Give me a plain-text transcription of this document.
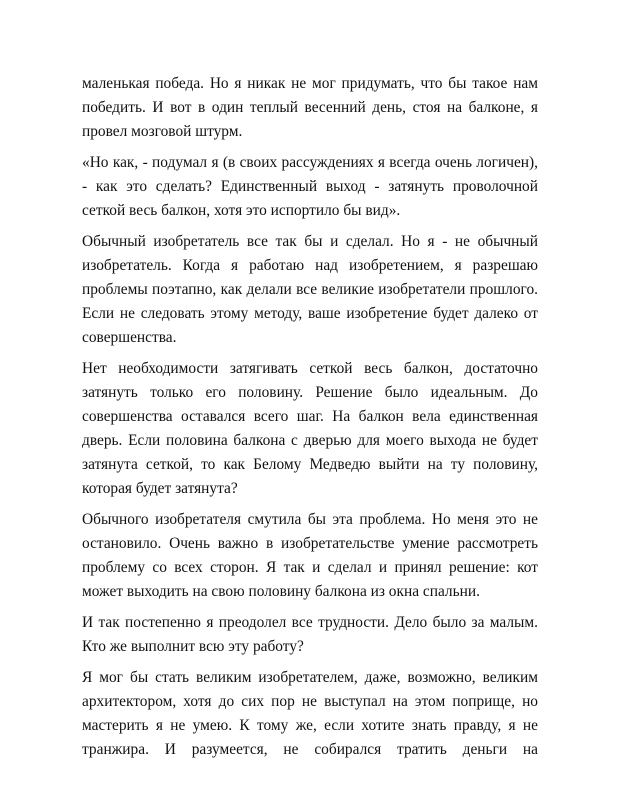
маленькая победа. Но я никак не мог придумать, что бы такое нам победить. И вот в один теплый весенний день, стоя на балконе, я провел мозговой штурм.

«Но как, - подумал я (в своих рассуждениях я всегда очень логичен), - как это сделать? Единственный выход - затянуть проволочной сеткой весь балкон, хотя это испортило бы вид».

Обычный изобретатель все так бы и сделал. Но я - не обычный изобретатель. Когда я работаю над изобретением, я разрешаю проблемы поэтапно, как делали все великие изобретатели прошлого. Если не следовать этому методу, ваше изобретение будет далеко от совершенства.

Нет необходимости затягивать сеткой весь балкон, достаточно затянуть только его половину. Решение было идеальным. До совершенства оставался всего шаг. На балкон вела единственная дверь. Если половина балкона с дверью для моего выхода не будет затянута сеткой, то как Белому Медведю выйти на ту половину, которая будет затянута?

Обычного изобретателя смутила бы эта проблема. Но меня это не остановило. Очень важно в изобретательстве умение рассмотреть проблему со всех сторон. Я так и сделал и принял решение: кот может выходить на свою половину балкона из окна спальни.

И так постепенно я преодолел все трудности. Дело было за малым. Кто же выполнит всю эту работу?

Я мог бы стать великим изобретателем, даже, возможно, великим архитектором, хотя до сих пор не выступал на этом поприще, но мастерить я не умею. К тому же, если хотите знать правду, я не транжира. И разумеется, не собирался тратить деньги на
